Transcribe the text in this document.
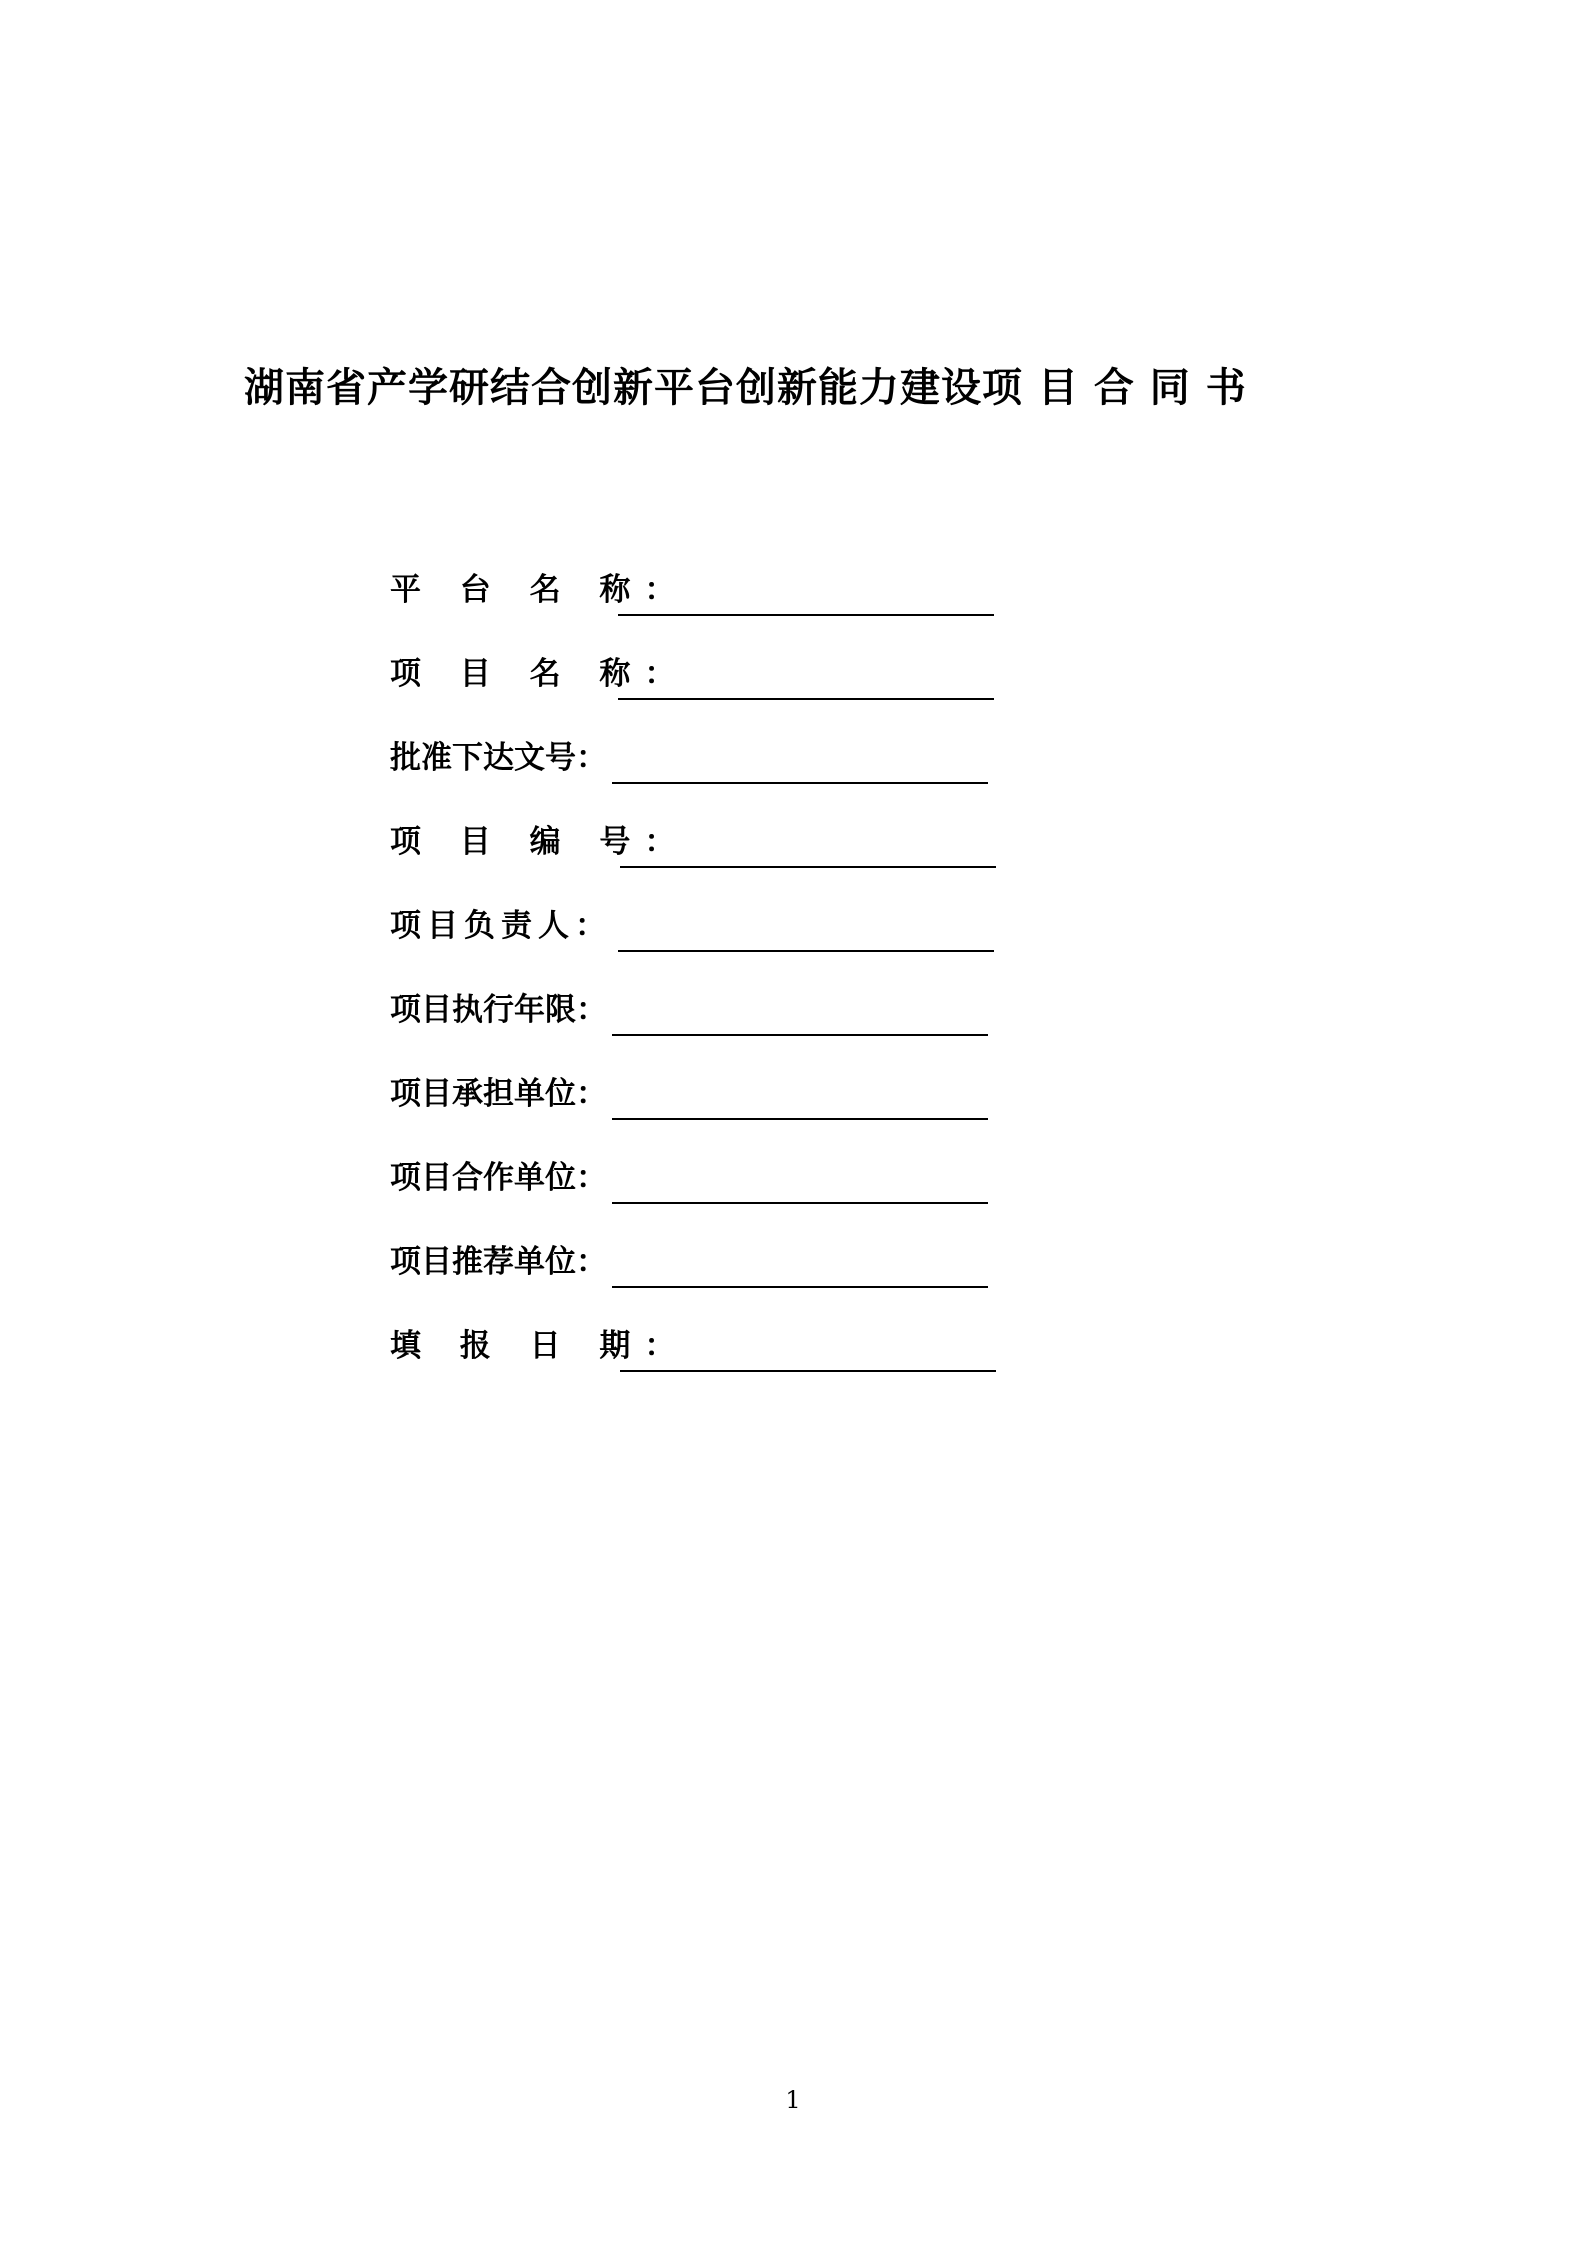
湖南省产学研结合创新平台创新能力建设项 目 合 同 书
平 台 名 称：
项 目 名 称：
批准下达文号：
项 目 编 号：
项目负责人：
项目执行年限：
项目承担单位：
项目合作单位：
项目推荐单位：
填 报 日 期：
1
